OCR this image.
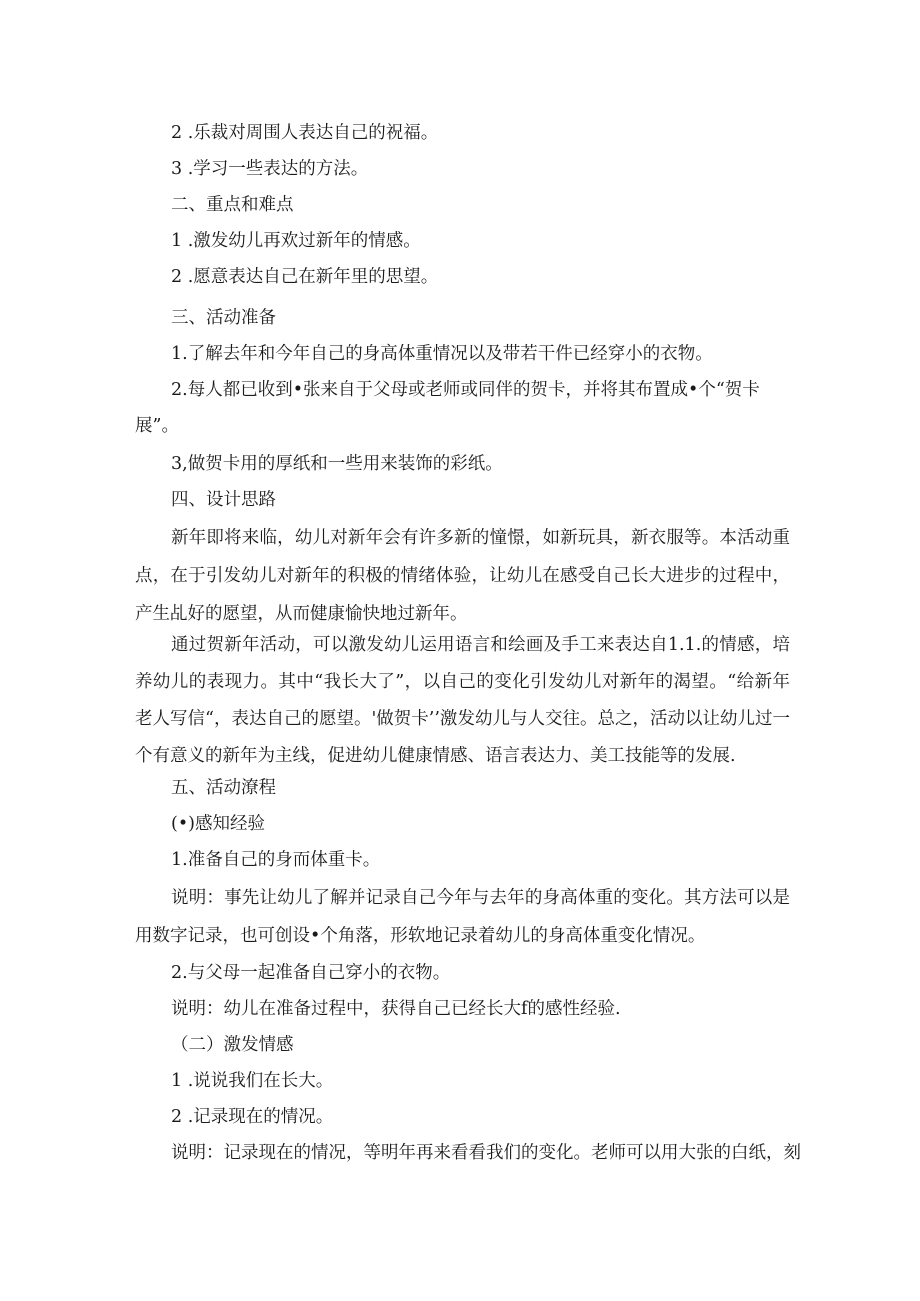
2 .乐裁对周围人表达自己的祝福。

3 .学习一些表达的方法。

二、重点和难点

1 .激发幼儿再欢过新年的情感。

2 .愿意表达自己在新年里的思望。

三、活动准备

1.了解去年和今年自己的身高体重情况以及带若干件已经穿小的衣物。

2.每人都已收到•张来自于父母或老师或同伴的贺卡，并将其布置成•个“贺卡

展”。

3,做贺卡用的厚纸和一些用来装饰的彩纸。

四、设计思路

新年即将来临，幼儿对新年会有许多新的憧憬，如新玩具，新衣服等。本活动重点，在于引发幼儿对新年的积极的情绪体验，让幼儿在感受自己长大进步的过程中，产生乩好的愿望，从而健康愉快地过新年。

通过贺新年活动，可以激发幼儿运用语言和绘画及手工来表达自1.1.的情感，培养幼儿的表现力。其中“我长大了”，以自己的变化引发幼儿对新年的渴望。“给新年老人写信“，表达自己的愿望。'做贺卡’’激发幼儿与人交往。总之，活动以让幼儿过一个有意义的新年为主线，促进幼儿健康情感、语言表达力、美工技能等的发展.

五、活动潦程

(•)感知经验

1.准备自己的身而体重卡。

说明：事先让幼儿了解并记录自己今年与去年的身高体重的变化。其方法可以是用数字记录，也可创设•个角落，形软地记录着幼儿的身高体重变化情况。

2.与父母一起准备自己穿小的衣物。

说明：幼儿在准备过程中，获得自己已经长大f的感性经验.

（二）激发情感

1 .说说我们在长大。

2 .记录现在的情况。

说明：记录现在的情况，等明年再来看看我们的变化。老师可以用大张的白纸，刻
